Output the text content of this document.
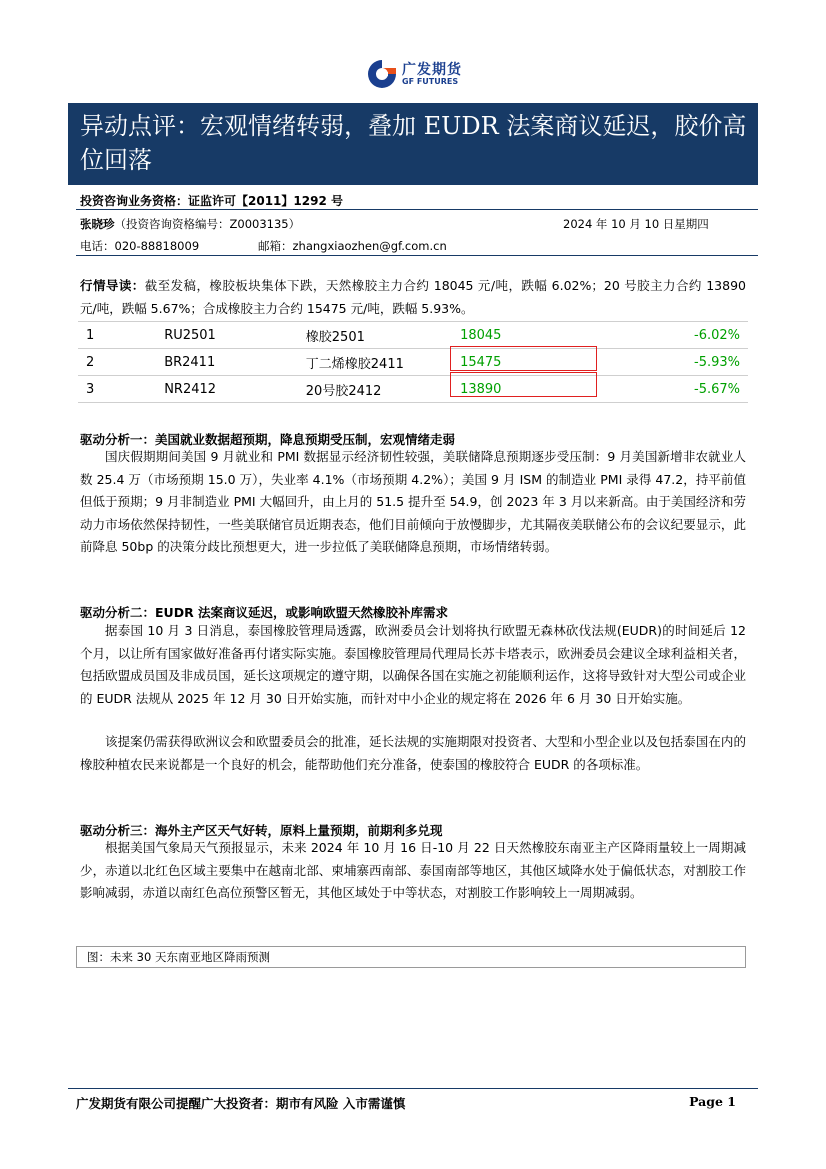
广发期货
GF FUTURES
异动点评：宏观情绪转弱，叠加 EUDR 法案商议延迟，胶价高位回落
投资咨询业务资格：证监许可【2011】1292 号
张晓珍（投资咨询资格编号：Z0003135）	2024 年 10 月 10 日星期四
电话：020-88818009	邮箱：zhangxiaozhen@gf.com.cn
行情导读：截至发稿，橡胶板块集体下跌，天然橡胶主力合约 18045 元/吨，跌幅 6.02%；20 号胶主力合约 13890 元/吨，跌幅 5.67%；合成橡胶主力合约 15475 元/吨，跌幅 5.93%。
1	RU2501	橡胶2501	18045	-6.02%
2	BR2411	丁二烯橡胶2411	15475	-5.93%
3	NR2412	20号胶2412	13890	-5.67%
驱动分析一：美国就业数据超预期，降息预期受压制，宏观情绪走弱
国庆假期期间美国 9 月就业和 PMI 数据显示经济韧性较强，美联储降息预期逐步受压制：9 月美国新增非农就业人数 25.4 万（市场预期 15.0 万），失业率 4.1%（市场预期 4.2%）；美国 9 月 ISM 的制造业 PMI 录得 47.2，持平前值但低于预期；9 月非制造业 PMI 大幅回升，由上月的 51.5 提升至 54.9，创 2023 年 3 月以来新高。由于美国经济和劳动力市场依然保持韧性，一些美联储官员近期表态，他们目前倾向于放慢脚步，尤其隔夜美联储公布的会议纪要显示，此前降息 50bp 的决策分歧比预想更大，进一步拉低了美联储降息预期，市场情绪转弱。
驱动分析二：EUDR 法案商议延迟，或影响欧盟天然橡胶补库需求
据泰国 10 月 3 日消息，泰国橡胶管理局透露，欧洲委员会计划将执行欧盟无森林砍伐法规(EUDR)的时间延后 12 个月，以让所有国家做好准备再付诸实际实施。泰国橡胶管理局代理局长苏卡塔表示，欧洲委员会建议全球利益相关者，包括欧盟成员国及非成员国，延长这项规定的遵守期，以确保各国在实施之初能顺利运作，这将导致针对大型公司或企业的 EUDR 法规从 2025 年 12 月 30 日开始实施，而针对中小企业的规定将在 2026 年 6 月 30 日开始实施。
该提案仍需获得欧洲议会和欧盟委员会的批准，延长法规的实施期限对投资者、大型和小型企业以及包括泰国在内的橡胶种植农民来说都是一个良好的机会，能帮助他们充分准备，使泰国的橡胶符合 EUDR 的各项标准。
驱动分析三：海外主产区天气好转，原料上量预期，前期利多兑现
根据美国气象局天气预报显示，未来 2024 年 10 月 16 日-10 月 22 日天然橡胶东南亚主产区降雨量较上一周期减少，赤道以北红色区域主要集中在越南北部、柬埔寨西南部、泰国南部等地区，其他区域降水处于偏低状态，对割胶工作影响减弱，赤道以南红色高位预警区暂无，其他区域处于中等状态，对割胶工作影响较上一周期减弱。
图：未来 30 天东南亚地区降雨预测
广发期货有限公司提醒广大投资者：期市有风险 入市需谨慎	Page 1
